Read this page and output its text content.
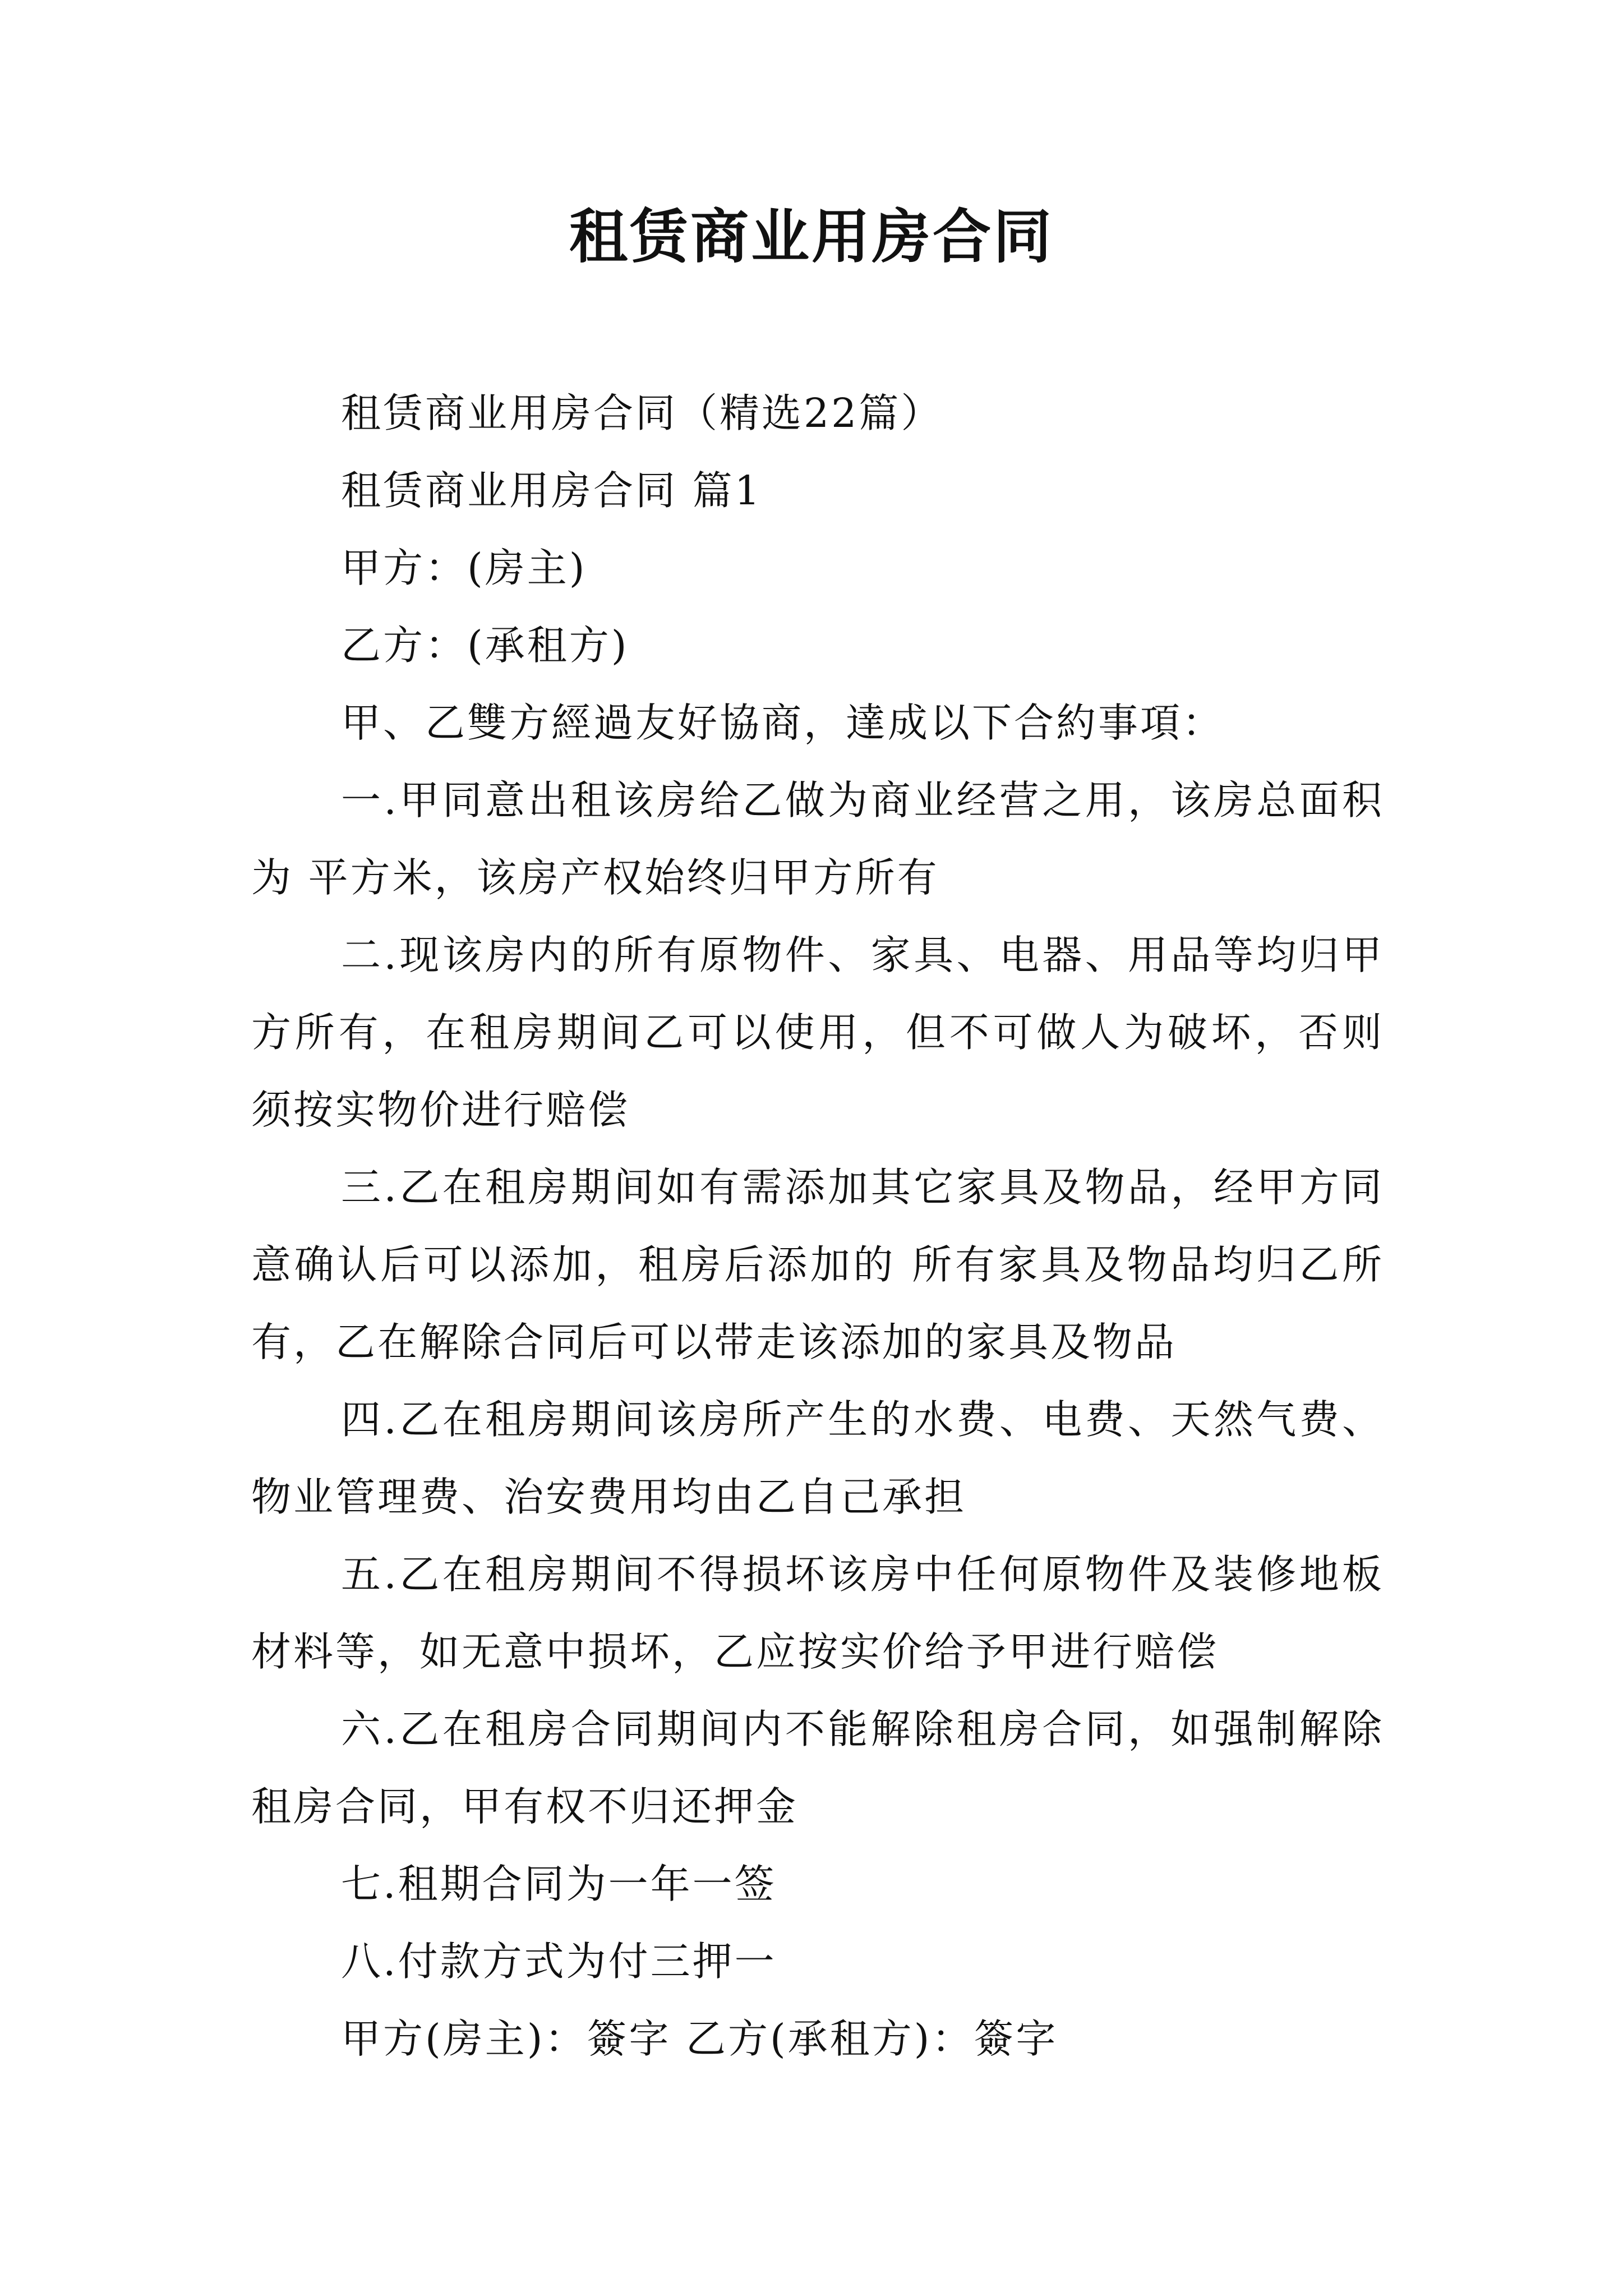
租赁商业用房合同

租赁商业用房合同（精选22篇）

租赁商业用房合同 篇1

甲方：(房主)

乙方：(承租方)

甲、乙雙方經過友好協商，達成以下合約事項：

一.甲同意出租该房给乙做为商业经营之用，该房总面积为 平方米，该房产权始终归甲方所有

二.现该房内的所有原物件、家具、电器、用品等均归甲方所有，在租房期间乙可以使用，但不可做人为破坏，否则须按实物价进行赔偿

三.乙在租房期间如有需添加其它家具及物品，经甲方同意确认后可以添加，租房后添加的 所有家具及物品均归乙所有，乙在解除合同后可以带走该添加的家具及物品

四.乙在租房期间该房所产生的水费、电费、天然气费、物业管理费、治安费用均由乙自己承担

五.乙在租房期间不得损坏该房中任何原物件及装修地板材料等，如无意中损坏，乙应按实价给予甲进行赔偿

六.乙在租房合同期间内不能解除租房合同，如强制解除租房合同，甲有权不归还押金

七.租期合同为一年一签

八.付款方式为付三押一

甲方(房主)：簽字 乙方(承租方)：簽字
